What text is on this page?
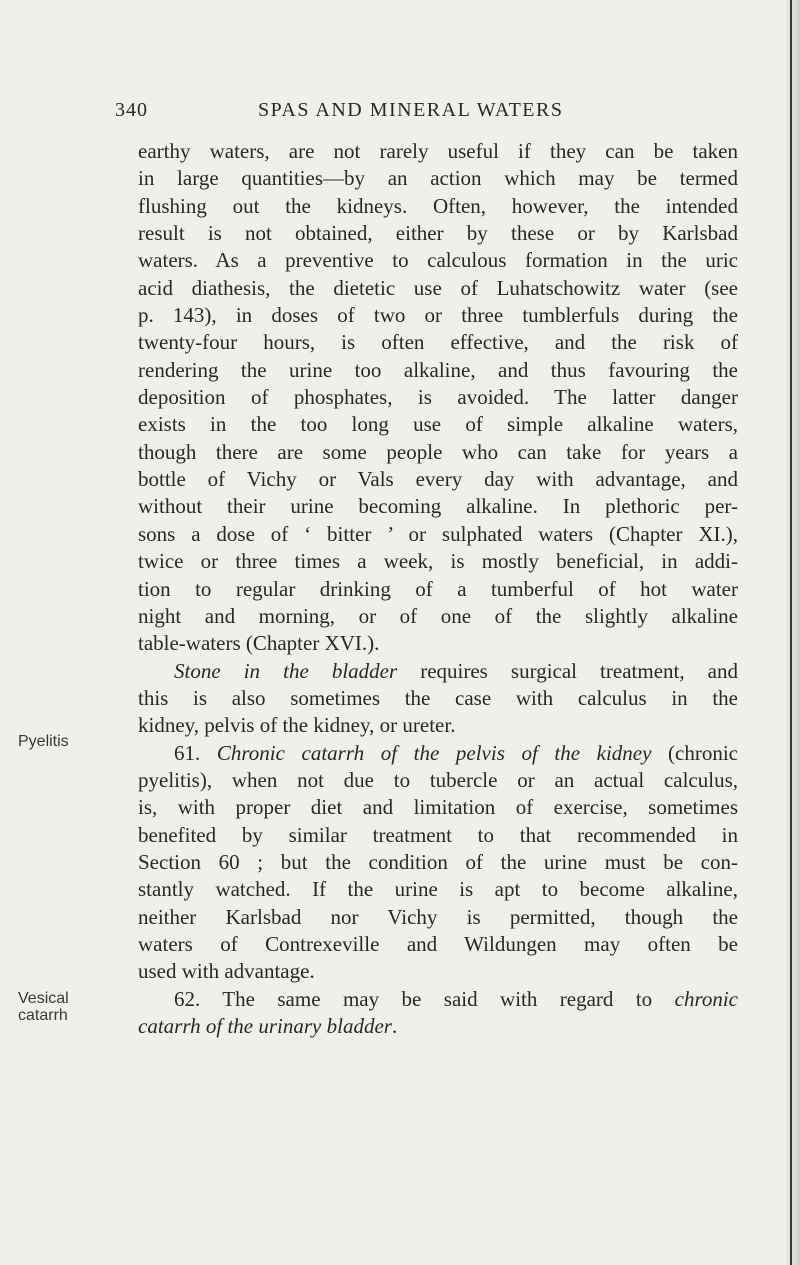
340	SPAS AND MINERAL WATERS
Pyelitis
Vesical
catarrh
earthy waters, are not rarely useful if they can be taken
in large quantities—by an action which may be termed
flushing out the kidneys. Often, however, the intended
result is not obtained, either by these or by Karlsbad
waters. As a preventive to calculous formation in the uric
acid diathesis, the dietetic use of Luhatschowitz water (see
p. 143), in doses of two or three tumblerfuls during the
twenty-four hours, is often effective, and the risk of
rendering the urine too alkaline, and thus favouring the
deposition of phosphates, is avoided. The latter danger
exists in the too long use of simple alkaline waters,
though there are some people who can take for years a
bottle of Vichy or Vals every day with advantage, and
without their urine becoming alkaline. In plethoric per-
sons a dose of ‘ bitter ’ or sulphated waters (Chapter XI.),
twice or three times a week, is mostly beneficial, in addi-
tion to regular drinking of a tumberful of hot water
night and morning, or of one of the slightly alkaline
table-waters (Chapter XVI.).
Stone in the bladder requires surgical treatment, and
this is also sometimes the case with calculus in the
kidney, pelvis of the kidney, or ureter.
61. Chronic catarrh of the pelvis of the kidney (chronic
pyelitis), when not due to tubercle or an actual calculus,
is, with proper diet and limitation of exercise, sometimes
benefited by similar treatment to that recommended in
Section 60 ; but the condition of the urine must be con-
stantly watched. If the urine is apt to become alkaline,
neither Karlsbad nor Vichy is permitted, though the
waters of Contrexeville and Wildungen may often be
used with advantage.
62. The same may be said with regard to chronic
catarrh of the urinary bladder.
